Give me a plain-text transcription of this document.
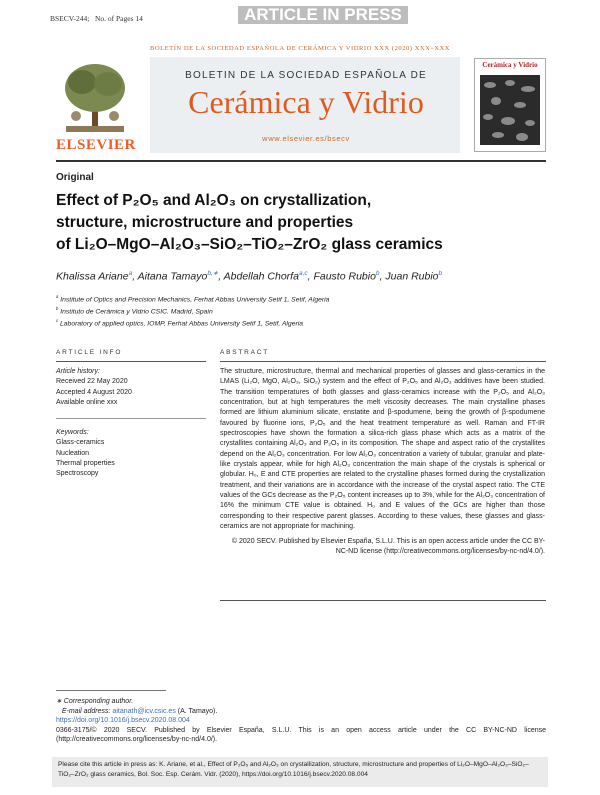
BSECV-244; No. of Pages 14	ARTICLE IN PRESS
BOLETÍN DE LA SOCIEDAD ESPAÑOLA DE CERÁMICA Y VIDRIO XXX (2020) XXX–XXX
ELSEVIER
BOLETIN DE LA SOCIEDAD ESPAÑOLA DE
Cerámica y Vidrio
www.elsevier.es/bsecv
Cerámica y Vidrio
Original
Effect of P₂O₅ and Al₂O₃ on crystallization,
structure, microstructure and properties
of Li₂O–MgO–Al₂O₃–SiO₂–TiO₂–ZrO₂ glass ceramics
Khalissa Ariane$^a$, Aitana Tamayo$^{b,∗}$, Abdellah Chorfa$^{a,c}$, Fausto Rubio$^b$, Juan Rubio$^b$
$^a$ Institute of Optics and Precision Mechanics, Ferhat Abbas University Setif 1, Setif, Algeria
$^b$ Instituto de Cerámica y Vidrio CSIC. Madrid, Spain
$^c$ Laboratory of applied optics, IOMP, Ferhat Abbas University Setif 1, Setif, Algeria
ARTICLE INFO	ABSTRACT
Article history:
Received 22 May 2020
Accepted 4 August 2020
Available online xxx
Keywords:
Glass-ceramics
Nucleation
Thermal properties
Spectroscopy
The structure, microstructure, thermal and mechanical properties of glasses and glass-ceramics in the LMAS (Li₂O, MgO, Al₂O₃, SiO₂) system and the effect of P₂O₅ and Al₂O₃ additives have been studied. The transition temperatures of both glasses and glass-ceramics increase with the P₂O₅ and Al₂O₃ concentration, but at high temperatures the melt viscosity decreases. The main crystalline phases formed are lithium aluminium silicate, enstatite and β-spodumene, being the growth of β-spodumene favoured by fluorine ions, P₂O₅ and the heat treatment temperature as well. Raman and FT-IR spectroscopies have shown the formation a silica-rich glass phase which acts as a matrix of the crystallites containing Al₂O₃ and P₂O₅ in its composition. The shape and aspect ratio of the crystallites depend on the Al₂O₃ concentration. For low Al₂O₃ concentration a variety of tubular, granular and plate-like crystals appear, while for high Al₂O₃ concentration the main shape of the crystals is spherical or globular. H₀, E and CTE properties are related to the crystalline phases formed during the crystallization treatment, and their variations are in accordance with the increase of the crystal aspect ratio. The CTE values of the GCs decrease as the P₂O₅ content increases up to 3%, while for the Al₂O₃ concentration of 16% the minimum CTE value is obtained. H₀ and E values of the GCs are higher than those corresponding to their respective parent glasses. According to these values, these glasses and glass-ceramics are not appropriate for machining.
© 2020 SECV. Published by Elsevier España, S.L.U. This is an open access article under the CC BY-NC-ND license (http://creativecommons.org/licenses/by-nc-nd/4.0/).
∗ Corresponding author.
E-mail address: aitanath@icv.csic.es (A. Tamayo).
https://doi.org/10.1016/j.bsecv.2020.08.004
0366-3175/© 2020 SECV. Published by Elsevier España, S.L.U. This is an open access article under the CC BY-NC-ND license (http://creativecommons.org/licenses/by-nc-nd/4.0/).
Please cite this article in press as: K. Ariane, et al., Effect of P₂O₅ and Al₂O₃ on crystallization, structure, microstructure and properties of Li₂O–MgO–Al₂O₃–SiO₂–TiO₂–ZrO₂ glass ceramics, Bol. Soc. Esp. Cerám. Vidr. (2020), https://doi.org/10.1016/j.bsecv.2020.08.004
